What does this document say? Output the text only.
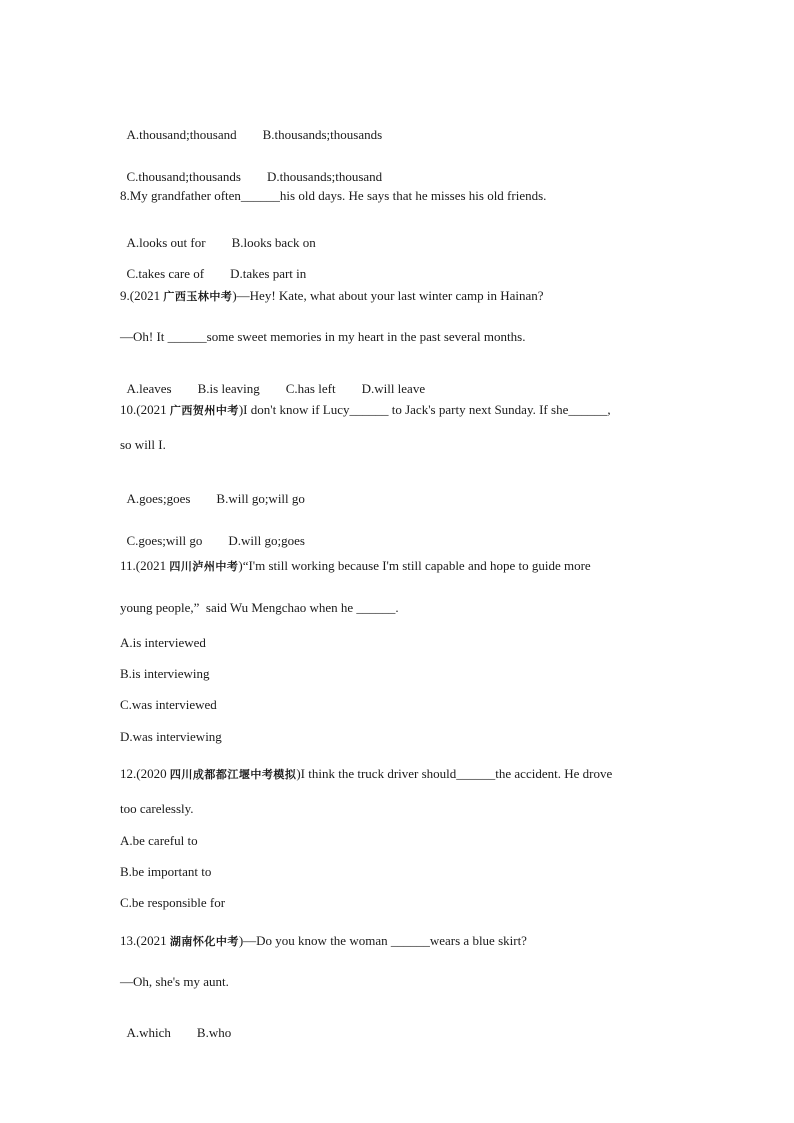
A.thousand;thousand B.thousands;thousands

C.thousand;thousands D.thousands;thousand

8.My grandfather often______his old days. He says that he misses his old friends.

A.looks out for B.looks back on

C.takes care of D.takes part in

9.(2021 广西玉林中考)—Hey! Kate, what about your last winter camp in Hainan?
—Oh! It ______some sweet memories in my heart in the past several months.

A.leaves B.is leaving C.has left D.will leave

10.(2021 广西贺州中考)I don't know if Lucy______ to Jack's party next Sunday. If she______,
so will I.

A.goes;goes B.will go;will go

C.goes;will go D.will go;goes

11.(2021 四川泸州中考)“I'm still working because I'm still capable and hope to guide more
young people,”  said Wu Mengchao when he ______.
A.is interviewed
B.is interviewing
C.was interviewed
D.was interviewing
12.(2020 四川成都都江堰中考模拟)I think the truck driver should______the accident. He drove
too carelessly.
A.be careful to
B.be important to
C.be responsible for
13.(2021 湖南怀化中考)—Do you know the woman ______wears a blue skirt?
—Oh, she's my aunt.

A.which B.who
